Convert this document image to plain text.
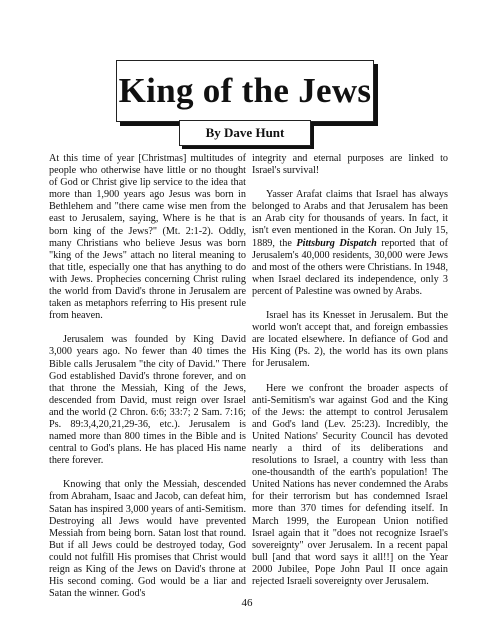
King of the Jews
By Dave Hunt

At this time of year [Christmas] multitudes of people who otherwise have little or no thought of God or Christ give lip service to the idea that more than 1,900 years ago Jesus was born in Bethlehem and "there came wise men from the east to Jerusalem, saying, Where is he that is born king of the Jews?" (Mt. 2:1-2). Oddly, many Christians who believe Jesus was born "king of the Jews" attach no literal meaning to that title, especially one that has anything to do with Jews. Prophecies concerning Christ ruling the world from David's throne in Jerusalem are taken as metaphors referring to His present rule from heaven.

Jerusalem was founded by King David 3,000 years ago. No fewer than 40 times the Bible calls Jerusalem "the city of David." There God established David's throne forever, and on that throne the Messiah, King of the Jews, descended from David, must reign over Israel and the world (2 Chron. 6:6; 33:7; 2 Sam. 7:16; Ps. 89:3,4,20,21,29-36, etc.). Jerusalem is named more than 800 times in the Bible and is central to God's plans. He has placed His name there forever.

Knowing that only the Messiah, descended from Abraham, Isaac and Jacob, can defeat him, Satan has inspired 3,000 years of anti-Semitism. Destroying all Jews would have prevented Messiah from being born. Satan lost that round. But if all Jews could be destroyed today, God could not fulfill His promises that Christ would reign as King of the Jews on David's throne at His second coming. God would be a liar and Satan the winner. God's

integrity and eternal purposes are linked to Israel's survival!

Yasser Arafat claims that Israel has always belonged to Arabs and that Jerusalem has been an Arab city for thousands of years. In fact, it isn't even mentioned in the Koran. On July 15, 1889, the Pittsburg Dispatch reported that of Jerusalem's 40,000 residents, 30,000 were Jews and most of the others were Christians. In 1948, when Israel declared its independence, only 3 percent of Palestine was owned by Arabs.

Israel has its Knesset in Jerusalem. But the world won't accept that, and foreign embassies are located elsewhere. In defiance of God and His King (Ps. 2), the world has its own plans for Jerusalem.

Here we confront the broader aspects of anti-Semitism's war against God and the King of the Jews: the attempt to control Jerusalem and God's land (Lev. 25:23). Incredibly, the United Nations' Security Council has devoted nearly a third of its deliberations and resolutions to Israel, a country with less than one-thousandth of the earth's population! The United Nations has never condemned the Arabs for their terrorism but has condemned Israel more than 370 times for defending itself. In March 1999, the European Union notified Israel again that it "does not recognize Israel's sovereignty" over Jerusalem. In a recent papal bull [and that word says it all!!] on the Year 2000 Jubilee, Pope John Paul II once again rejected Israeli sovereignty over Jerusalem.

46
